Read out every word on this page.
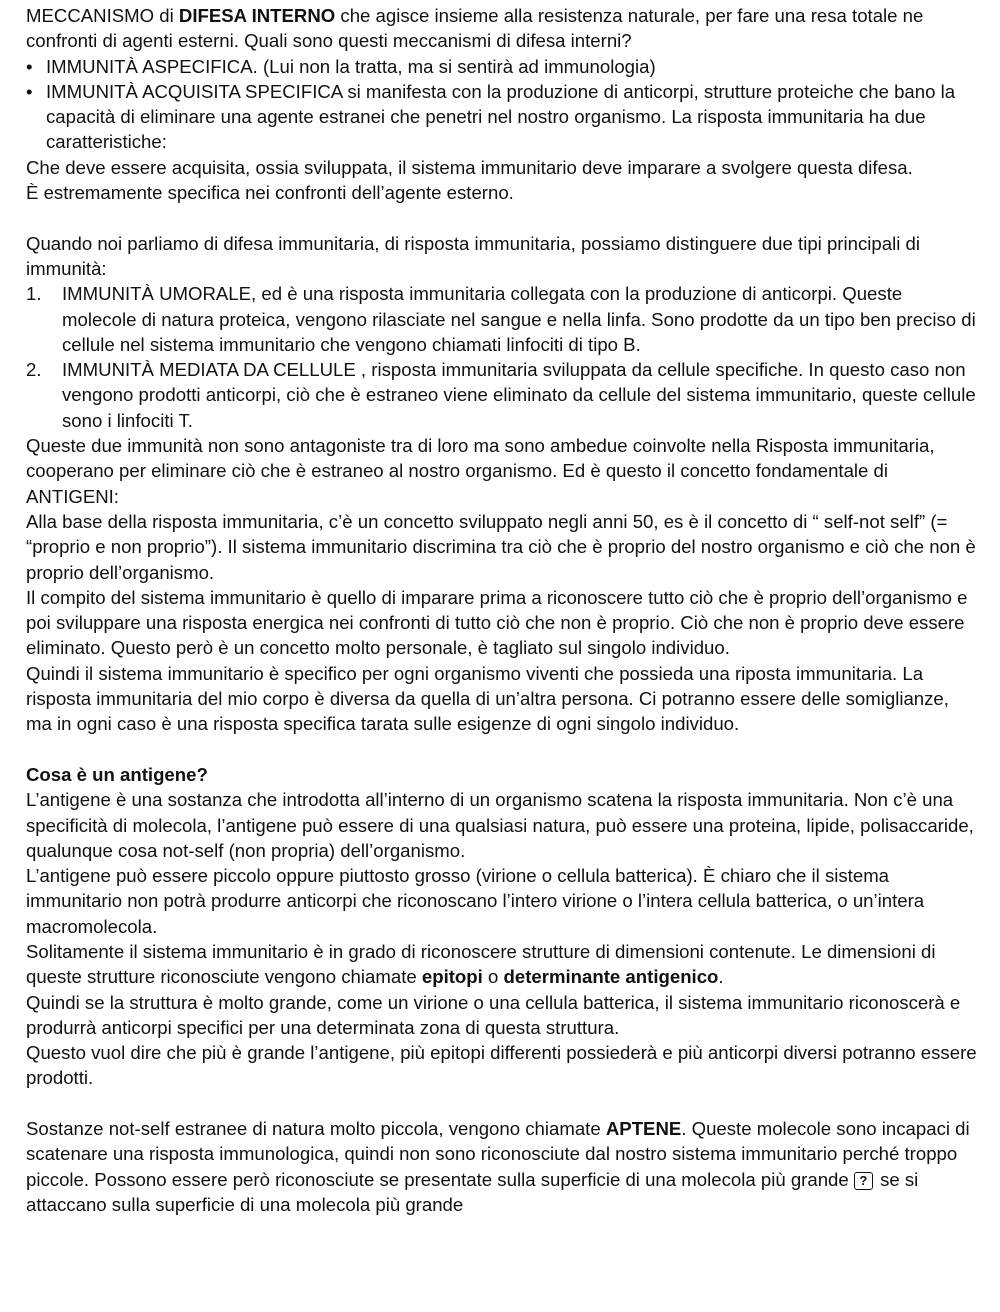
MECCANISMO di DIFESA INTERNO che agisce insieme alla resistenza naturale, per fare una resa totale ne confronti di agenti esterni. Quali sono questi meccanismi di difesa interni?

• IMMUNITÀ ASPECIFICA. (Lui non la tratta, ma si sentirà ad immunologia)
• IMMUNITÀ ACQUISITA SPECIFICA si manifesta con la produzione di anticorpi, strutture proteiche che bano la capacità di eliminare una agente estranei che penetri nel nostro organismo. La risposta immunitaria ha due caratteristiche:

Che deve essere acquisita, ossia sviluppata, il sistema immunitario deve imparare a svolgere questa difesa.

È estremamente specifica nei confronti dell’agente esterno.

Quando noi parliamo di difesa immunitaria, di risposta immunitaria, possiamo distinguere due tipi principali di immunità:

1. IMMUNITÀ UMORALE, ed è una risposta immunitaria collegata con la produzione di anticorpi. Queste molecole di natura proteica, vengono rilasciate nel sangue e nella linfa. Sono prodotte da un tipo ben preciso di cellule nel sistema immunitario che vengono chiamati linfociti di tipo B.
2. IMMUNITÀ MEDIATA DA CELLULE , risposta immunitaria sviluppata da cellule specifiche. In questo caso non vengono prodotti anticorpi, ciò che è estraneo viene eliminato da cellule del sistema immunitario, queste cellule sono i linfociti T.

Queste due immunità non sono antagoniste tra di loro ma sono ambedue coinvolte nella Risposta immunitaria, cooperano per eliminare ciò che è estraneo al nostro organismo. Ed è questo il concetto fondamentale di ANTIGENI:

Alla base della risposta immunitaria, c’è un concetto sviluppato negli anni 50, es è il concetto di “ self-not self” (= “proprio e non proprio”). Il sistema immunitario discrimina tra ciò che è proprio del nostro organismo e ciò che non è proprio dell’organismo.

Il compito del sistema immunitario è quello di imparare prima a riconoscere tutto ciò che è proprio dell’organismo e poi sviluppare una risposta energica nei confronti di tutto ciò che non è proprio. Ciò che non è proprio deve essere eliminato. Questo però è un concetto molto personale, è tagliato sul singolo individuo.

Quindi il sistema immunitario è specifico per ogni organismo viventi che possieda una riposta immunitaria. La risposta immunitaria del mio corpo è diversa da quella di un’altra persona. Ci potranno essere delle somiglianze, ma in ogni caso è una risposta specifica tarata sulle esigenze di ogni singolo individuo.

Cosa è un antigene?

L’antigene è una sostanza che introdotta all’interno di un organismo scatena la risposta immunitaria. Non c’è una specificità di molecola, l’antigene può essere di una qualsiasi natura, può essere una proteina, lipide, polisaccaride, qualunque cosa not-self (non propria) dell’organismo.

L’antigene può essere piccolo oppure piuttosto grosso (virione o cellula batterica). È chiaro che il sistema immunitario non potrà produrre anticorpi che riconoscano l’intero virione o l’intera cellula batterica, o un’intera macromolecola.

Solitamente il sistema immunitario è in grado di riconoscere strutture di dimensioni contenute. Le dimensioni di queste strutture riconosciute vengono chiamate epitopi o determinante antigenico.

Quindi se la struttura è molto grande, come un virione o una cellula batterica, il sistema immunitario riconoscerà e produrrà anticorpi specifici per una determinata zona di questa struttura.

Questo vuol dire che più è grande l’antigene, più epitopi differenti possiederà e più anticorpi diversi potranno essere prodotti.

Sostanze not-self estranee di natura molto piccola, vengono chiamate APTENE. Queste molecole sono incapaci di scatenare una risposta immunologica, quindi non sono riconosciute dal nostro sistema immunitario perché troppo piccole. Possono essere però riconosciute se presentate sulla superficie di una molecola più grande ? se si attaccano sulla superficie di una molecola più grande
